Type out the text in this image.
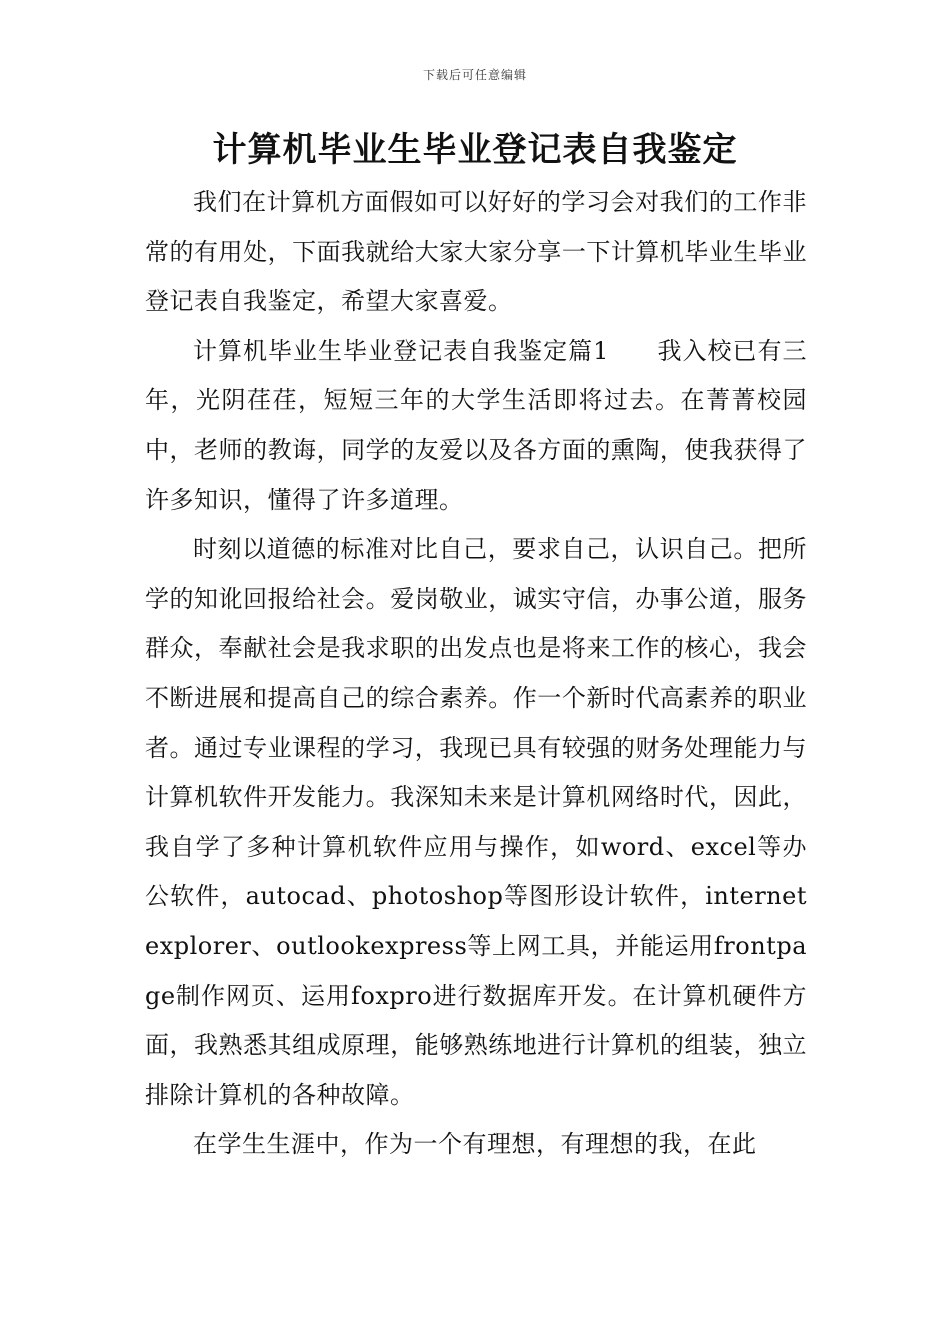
下载后可任意编辑
计算机毕业生毕业登记表自我鉴定

我们在计算机方面假如可以好好的学习会对我们的工作非常的有用处，下面我就给大家大家分享一下计算机毕业生毕业登记表自我鉴定，希望大家喜爱。

计算机毕业生毕业登记表自我鉴定篇1 我入校已有三年，光阴荏荏，短短三年的大学生活即将过去。在菁菁校园中，老师的教诲，同学的友爱以及各方面的熏陶，使我获得了许多知识，懂得了许多道理。

时刻以道德的标准对比自己，要求自己，认识自己。把所学的知讹回报给社会。爱岗敬业，诚实守信，办事公道，服务群众，奉献社会是我求职的出发点也是将来工作的核心，我会不断进展和提高自己的综合素养。作一个新时代高素养的职业者。通过专业课程的学习，我现已具有较强的财务处理能力与计算机软件开发能力。我深知未来是计算机网络时代，因此，我自学了多种计算机软件应用与操作，如word、excel等办公软件，autocad、photoshop等图形设计软件，internetexplorer、outlookexpress等上网工具，并能运用frontpage制作网页、运用foxpro进行数据库开发。在计算机硬件方面，我熟悉其组成原理，能够熟练地进行计算机的组装，独立排除计算机的各种故障。

在学生生涯中，作为一个有理想，有理想的我，在此
